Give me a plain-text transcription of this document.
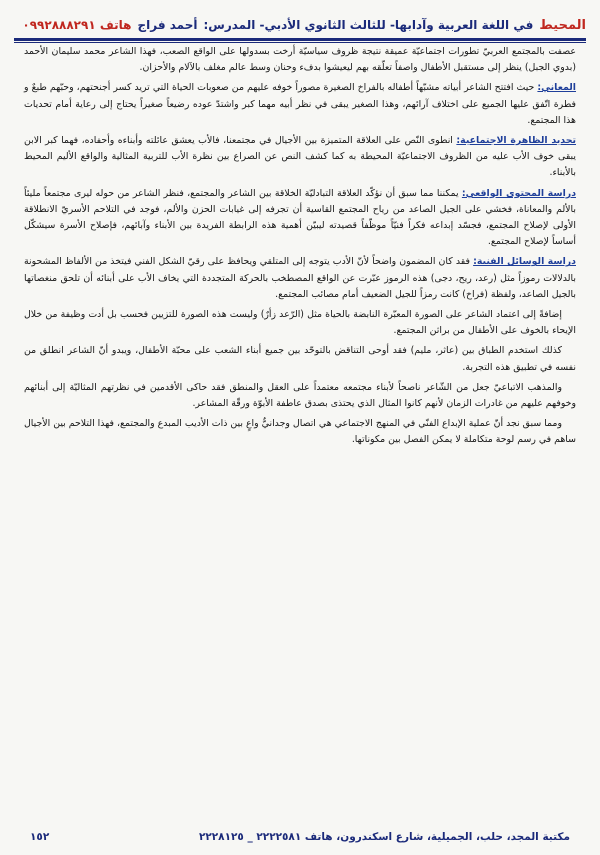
المحيط
في اللغة العربية وآدابها- للثالث الثانوي الأدبي- المدرس:
أحمد فراج
هاتف ٠٩٩٢٨٨٨٢٩١

عصفت بالمجتمع العربيّ تطورات اجتماعيّة عميقة نتيجة ظروف سياسيّة أرخت بسدولها على الواقع الصعب، فهذا الشاعر محمد سليمان الأحمد (بدوي الجبل) ينظر إلى مستقبل الأطفال واصفاً تعلّقه بهم ليعيشوا بدفء وحنان وسط عالم مغلف بالآلام والأحزان.

المعاني: حيث افتتح الشاعر أبياته مشبّهاً أطفاله بالفراخ الصغيرة مصوراً خوفه عليهم من صعوبات الحياة التي تريد كسر أجنحتهم، وحبّهم طبعٌ و فطرة اتّفق عليها الجميع على اختلاف آرائهم، وهذا الصغير يبقى في نظر أبيه مهما كبر واشتدّ عوده رضيعاً صغيراً يحتاج إلى رعاية أمام تحديات هذا المجتمع.

تحديد الظاهرة الاجتماعية: انطوى النّص على العلاقة المتميزة بين الأجيال في مجتمعنا، فالأب يعشق عائلته وأبناءه وأحفاده، فهما كبر الابن يبقى خوف الأب عليه من الظروف الاجتماعيّة المحيطة به كما كشف النص عن الصراع بين نظرة الأب للتربية المثالية والواقع الأليم المحيط بالأبناء.

دراسة المحتوى الواقعي: يمكننا مما سبق أن نؤكّد العلاقة التبادليّة الخلاقة بين الشاعر والمجتمع، فنظر الشاعر من حوله ليرى مجتمعاً مليئاً بالألم والمعاناة، فخشي على الجيل الصاعد من رياح المجتمع القاسية أن تجرفه إلى غيابات الحزن والألم، فوجد في التلاحم الأسريّ الانطلاقة الأولى لإصلاح المجتمع، فجسّد إبداعه فكراً فنيّاً موظّفاً قصيدته ليبيّن أهمية هذه الرابطة الفريدة بين الأبناء وآبائهم، فإصلاح الأسرة سيشكّل أساساً لإصلاح المجتمع.

دراسة الوسائل الفنية: فقد كان المضمون واضحاً لأنّ الأدب يتوجه إلى المتلقي ويحافظ على رقيّ الشكل الفني فيتخذ من الألفاظ المشحونة بالدلالات رموزاً مثل (رعد، ريح، دجى) هذه الرموز عبّرت عن الواقع المصطخب بالحركة المتجددة التي يخاف الأب على أبنائه أن تلحق منغصاتها بالجيل الصاعد، ولفظة (فراخ) كانت رمزاً للجيل الضعيف أمام مصائب المجتمع.

إضافةً إلى اعتماد الشاعر على الصورة المعبّرة النابضة بالحياة مثل (الرّعد زأرٌ) وليست هذه الصورة للتزيين فحسب بل أدت وظيفة من خلال الإيحاء بالخوف على الأطفال من براثن المجتمع.

كذلك استخدم الطباق بين (عاثر، مليم) فقد أوحى التناقض بالتوحّد بين جميع أبناء الشعب على محبّة الأطفال، ويبدو أنّ الشاعر انطلق من نفسه في تطبيق هذه التجربة.

والمذهب الاتباعيّ جعل من الشّاعر ناصحاً لأبناء مجتمعه معتمداً على العقل والمنطق فقد حاكى الأقدمين في نظرتهم المثاليّة إلى أبنائهم وخوفهم عليهم من غادرات الزمان لأنهم كانوا المثال الذي يحتذى بصدق عاطفة الأبوّة ورقّة المشاعر.

ومما سبق نجد أنّ عملية الإبداع الفنّي في المنهج الاجتماعي هي اتصال وجدانيٌّ واعٍ بين ذات الأديب المبدع والمجتمع، فهذا التلاحم بين الأجيال ساهم في رسم لوحة متكاملة لا يمكن الفصل بين مكوناتها.

مكتبة المجد، حلب، الجميلية، شارع اسكندرون، هاتف ٢٢٢٢٥٨١ _ ٢٢٢٨١٢٥
١٥٢
